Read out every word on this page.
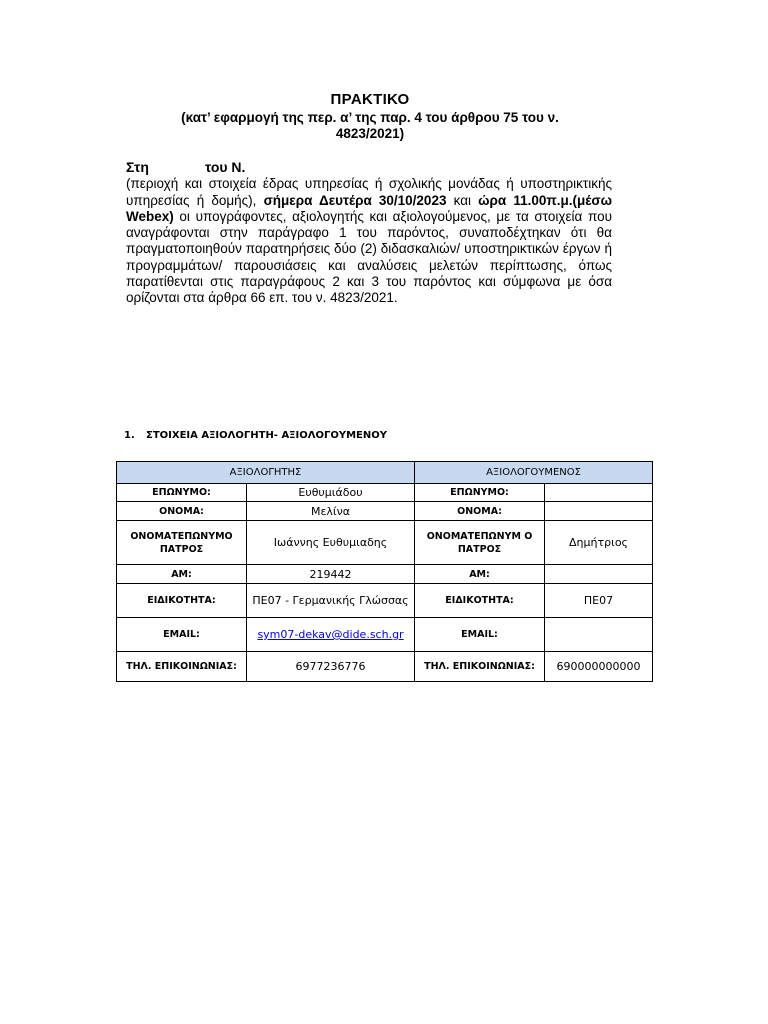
ΠΡΑΚΤΙΚΟ
(κατ’ εφαρμογή της περ. α’ της παρ. 4 του άρθρου 75 του ν.
4823/2021)
Στη	του Ν.
(περιοχή και στοιχεία έδρας υπηρεσίας ή σχολικής μονάδας ή υποστηρικτικής υπηρεσίας ή δομής), σήμερα Δευτέρα 30/10/2023 και ώρα 11.00π.μ.(μέσω Webex) οι υπογράφοντες, αξιολογητής και αξιολογούμενος, με τα στοιχεία που αναγράφονται στην παράγραφο 1 του παρόντος, συναποδέχτηκαν ότι θα πραγματοποιηθούν παρατηρήσεις δύο (2) διδασκαλιών/ υποστηρικτικών έργων ή προγραμμάτων/ παρουσιάσεις και αναλύσεις μελετών περίπτωσης, όπως παρατίθενται στις παραγράφους 2 και 3 του παρόντος και σύμφωνα με όσα ορίζονται στα άρθρα 66 επ. του ν. 4823/2021.
1. ΣΤΟΙΧΕΙΑ ΑΞΙΟΛΟΓΗΤΗ- ΑΞΙΟΛΟΓΟΥΜΕΝΟΥ
ΑΞΙΟΛΟΓΗΤΗΣ		ΑΞΙΟΛΟΓΟΥΜΕΝΟΣ	
ΕΠΩΝΥΜΟ:	Ευθυμιάδου	ΕΠΩΝΥΜΟ:	
ΟΝΟΜΑ:	Μελίνα	ΟΝΟΜΑ:	
ΟΝΟΜΑΤΕΠΩΝΥΜΟ ΠΑΤΡΟΣ	Ιωάννης Ευθυμιαδης	ΟΝΟΜΑΤΕΠΩΝΥΜ Ο ΠΑΤΡΟΣ	Δημήτριος
ΑΜ:	219442	ΑΜ:	
ΕΙΔΙΚΟΤΗΤΑ:	ΠΕ07 - Γερμανικής Γλώσσας	ΕΙΔΙΚΟΤΗΤΑ:	ΠΕ07
EMAIL:	sym07-dekav@dide.sch.gr	EMAIL:	
ΤΗΛ. ΕΠΙΚΟΙΝΩΝΙΑΣ:	6977236776	ΤΗΛ. ΕΠΙΚΟΙΝΩΝΙΑΣ:	690000000000
